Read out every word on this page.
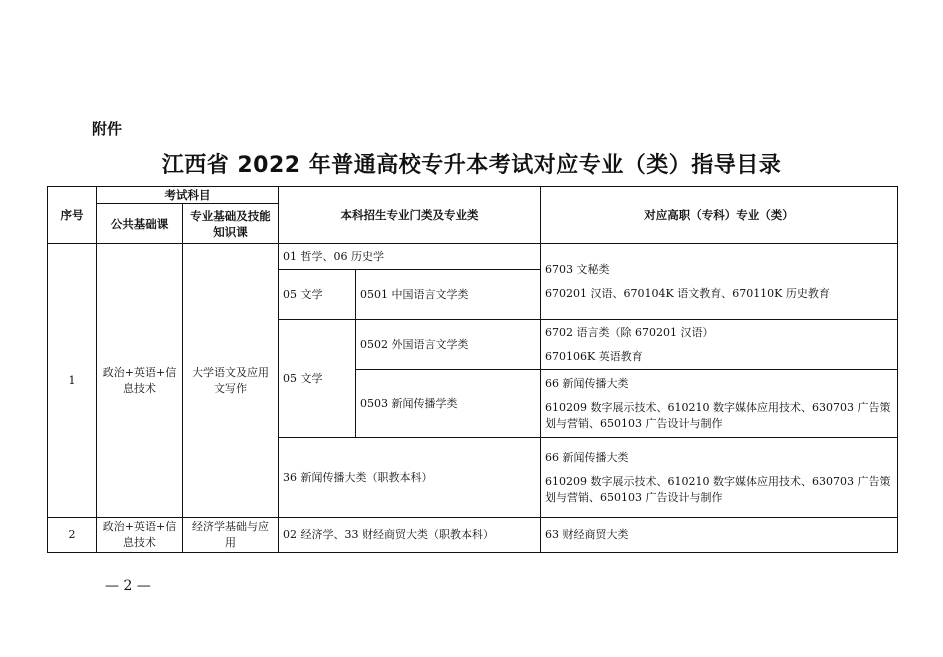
附件
江西省 2022 年普通高校专升本考试对应专业（类）指导目录
序号	考试科目		本科招生专业门类及专业类		对应高职（专科）专业（类）
	公共基础课	专业基础及技能知识课			
1	政治+英语+信息技术	大学语文及应用文写作	01 哲学、06 历史学		6703 文秘类
670201 汉语、670104K 语文教育、670110K 历史教育

			05 文学	0501 中国语言文学类	
			05 文学	0502 外国语言文学类	6702 语言类（除 670201 汉语）
670106K 英语教育

				0503 新闻传播学类	66 新闻传播大类
610209 数字展示技术、610210 数字媒体应用技术、630703 广告策划与营销、650103 广告设计与制作

			36 新闻传播大类（职教本科）		66 新闻传播大类
610209 数字展示技术、610210 数字媒体应用技术、630703 广告策划与营销、650103 广告设计与制作

2	政治+英语+信息技术	经济学基础与应用	02 经济学、33 财经商贸大类（职教本科）		63 财经商贸大类
— 2 —
